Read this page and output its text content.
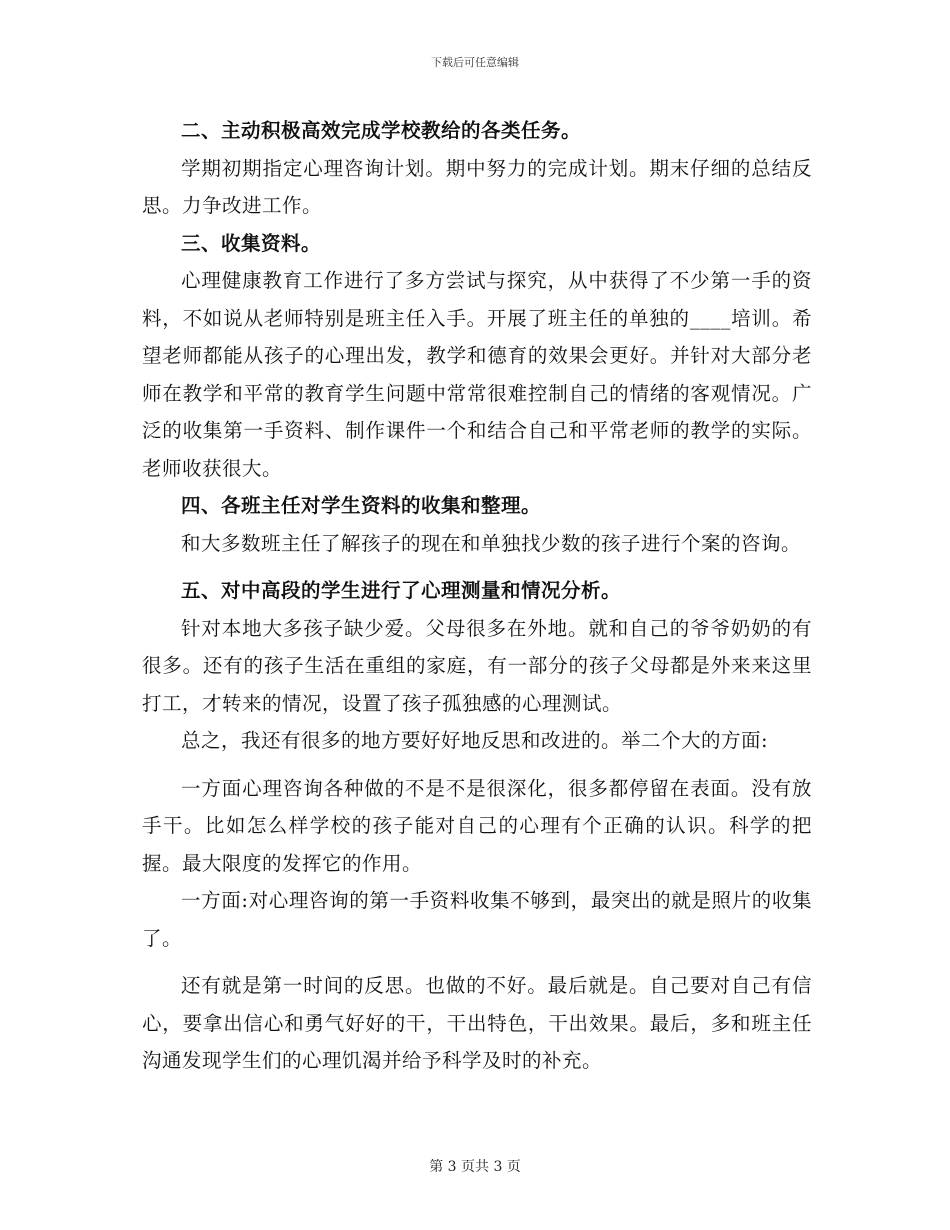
下载后可任意编辑

二、主动积极高效完成学校教给的各类任务。

学期初期指定心理咨询计划。期中努力的完成计划。期末仔细的总结反思。力争改进工作。

三、收集资料。

心理健康教育工作进行了多方尝试与探究，从中获得了不少第一手的资料，不如说从老师特别是班主任入手。开展了班主任的单独的____培训。希望老师都能从孩子的心理出发，教学和德育的效果会更好。并针对大部分老师在教学和平常的教育学生问题中常常很难控制自己的情绪的客观情况。广泛的收集第一手资料、制作课件一个和结合自己和平常老师的教学的实际。老师收获很大。

四、各班主任对学生资料的收集和整理。

和大多数班主任了解孩子的现在和单独找少数的孩子进行个案的咨询。

五、对中高段的学生进行了心理测量和情况分析。

针对本地大多孩子缺少爱。父母很多在外地。就和自己的爷爷奶奶的有很多。还有的孩子生活在重组的家庭，有一部分的孩子父母都是外来来这里打工，才转来的情况，设置了孩子孤独感的心理测试。

总之，我还有很多的地方要好好地反思和改进的。举二个大的方面:

一方面心理咨询各种做的不是不是很深化，很多都停留在表面。没有放手干。比如怎么样学校的孩子能对自己的心理有个正确的认识。科学的把握。最大限度的发挥它的作用。

一方面:对心理咨询的第一手资料收集不够到，最突出的就是照片的收集了。

还有就是第一时间的反思。也做的不好。最后就是。自己要对自己有信心，要拿出信心和勇气好好的干，干出特色，干出效果。最后，多和班主任沟通发现学生们的心理饥渴并给予科学及时的补充。

第 3 页共 3 页
